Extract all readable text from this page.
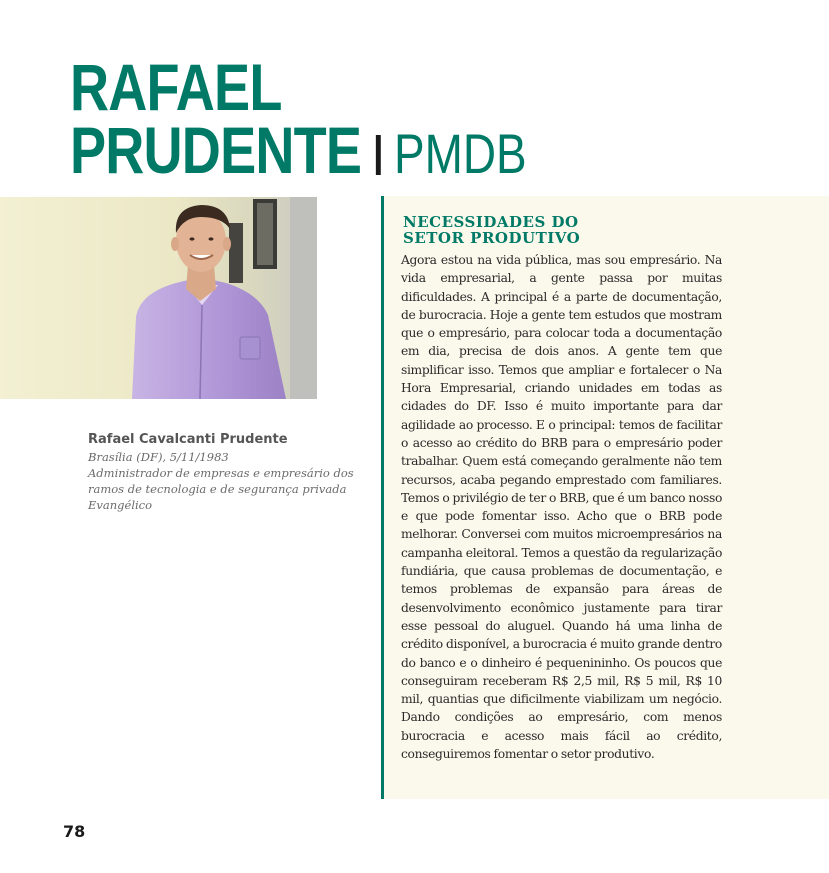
RAFAEL
PRUDENTE PMDB
Rafael Cavalcanti Prudente
Brasília (DF), 5/11/1983
Administrador de empresas e empresário dos ramos de tecnologia e de segurança privada
Evangélico
NECESSIDADES DO
SETOR PRODUTIVO
Agora estou na vida pública, mas sou empresário. Na vida empresarial, a gente passa por muitas dificuldades. A principal é a parte de documentação, de burocracia. Hoje a gente tem estudos que mostram que o empresário, para colocar toda a documentação em dia, precisa de dois anos. A gente tem que simplificar isso. Temos que ampliar e fortalecer o Na Hora Empresarial, criando unidades em todas as cidades do DF. Isso é muito importante para dar agilidade ao processo. E o principal: temos de facilitar o acesso ao crédito do BRB para o empresário poder trabalhar. Quem está começando geralmente não tem recursos, acaba pegando emprestado com familiares. Temos o privilégio de ter o BRB, que é um banco nosso e que pode fomentar isso. Acho que o BRB pode melhorar. Conversei com muitos microempresários na campanha eleitoral. Temos a questão da regularização fundiária, que causa problemas de documentação, e temos problemas de expansão para áreas de desenvolvimento econômico justamente para tirar esse pessoal do aluguel. Quando há uma linha de crédito disponível, a burocracia é muito grande dentro do banco e o dinheiro é pequenininho. Os poucos que conseguiram receberam R$ 2,5 mil, R$ 5 mil, R$ 10 mil, quantias que dificilmente viabilizam um negócio. Dando condições ao empresário, com menos burocracia e acesso mais fácil ao crédito, conseguiremos fomentar o setor produtivo.
78
